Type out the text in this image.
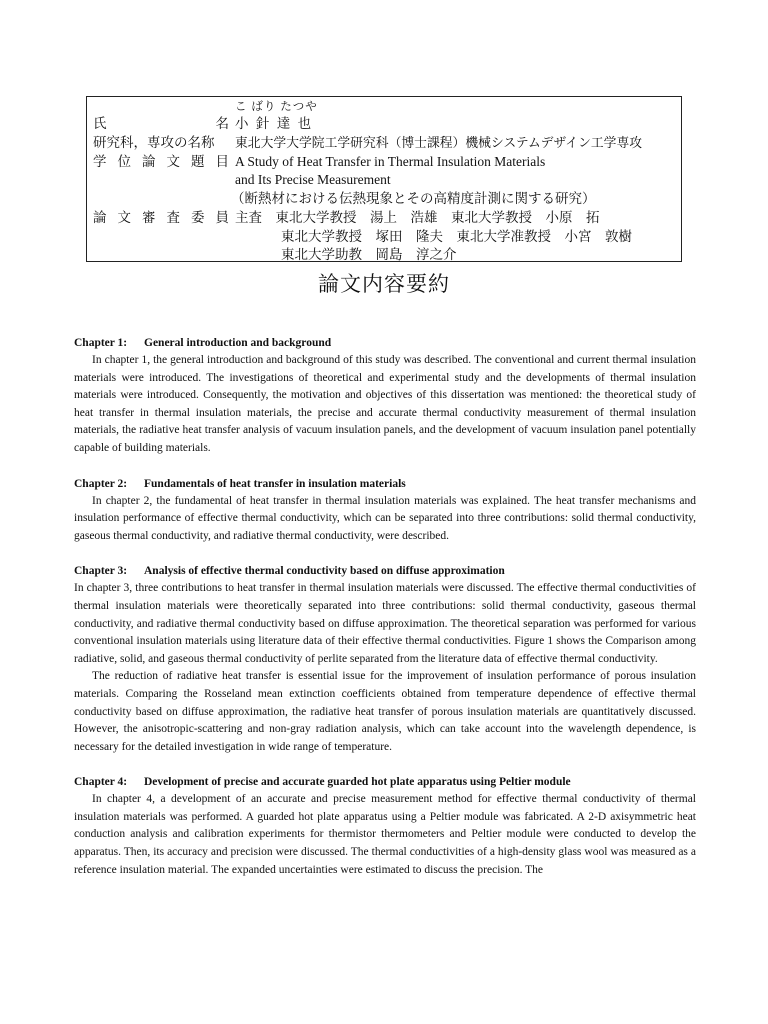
こ ばり たつや
氏	名 小 針 達 也
研究科，専攻の名称 東北大学大学院工学研究科（博士課程）機械システムデザイン工学専攻
学 位 論 文 題 目 A Study of Heat Transfer in Thermal Insulation Materials
and Its Precise Measurement
（断熱材における伝熱現象とその高精度計測に関する研究）
論 文 審 査 委 員 主査　東北大学教授　湯上　浩雄　東北大学教授　小原　拓
東北大学教授　塚田　隆夫　東北大学准教授　小宮　敦樹
東北大学助教　岡島　淳之介
論文内容要約
Chapter 1: General introduction and background

In chapter 1, the general introduction and background of this study was described. The conventional and current thermal insulation materials were introduced. The investigations of theoretical and experimental study and the developments of thermal insulation materials were introduced. Consequently, the motivation and objectives of this dissertation was mentioned: the theoretical study of heat transfer in thermal insulation materials, the precise and accurate thermal conductivity measurement of thermal insulation materials, the radiative heat transfer analysis of vacuum insulation panels, and the development of vacuum insulation panel potentially capable of building materials.

Chapter 2: Fundamentals of heat transfer in insulation materials

In chapter 2, the fundamental of heat transfer in thermal insulation materials was explained. The heat transfer mechanisms and insulation performance of effective thermal conductivity, which can be separated into three contributions: solid thermal conductivity, gaseous thermal conductivity, and radiative thermal conductivity, were described.

Chapter 3: Analysis of effective thermal conductivity based on diffuse approximation

In chapter 3, three contributions to heat transfer in thermal insulation materials were discussed. The effective thermal conductivities of thermal insulation materials were theoretically separated into three contributions: solid thermal conductivity, gaseous thermal conductivity, and radiative thermal conductivity based on diffuse approximation. The theoretical separation was performed for various conventional insulation materials using literature data of their effective thermal conductivities. Figure 1 shows the Comparison among radiative, solid, and gaseous thermal conductivity of perlite separated from the literature data of effective thermal conductivity.

The reduction of radiative heat transfer is essential issue for the improvement of insulation performance of porous insulation materials. Comparing the Rosseland mean extinction coefficients obtained from temperature dependence of effective thermal conductivity based on diffuse approximation, the radiative heat transfer of porous insulation materials are quantitatively discussed. However, the anisotropic-scattering and non-gray radiation analysis, which can take account into the wavelength dependence, is necessary for the detailed investigation in wide range of temperature.

Chapter 4: Development of precise and accurate guarded hot plate apparatus using Peltier module

In chapter 4, a development of an accurate and precise measurement method for effective thermal conductivity of thermal insulation materials was performed. A guarded hot plate apparatus using a Peltier module was fabricated. A 2-D axisymmetric heat conduction analysis and calibration experiments for thermistor thermometers and Peltier module were conducted to develop the apparatus. Then, its accuracy and precision were discussed. The thermal conductivities of a high-density glass wool was measured as a reference insulation material. The expanded uncertainties were estimated to discuss the precision. The
